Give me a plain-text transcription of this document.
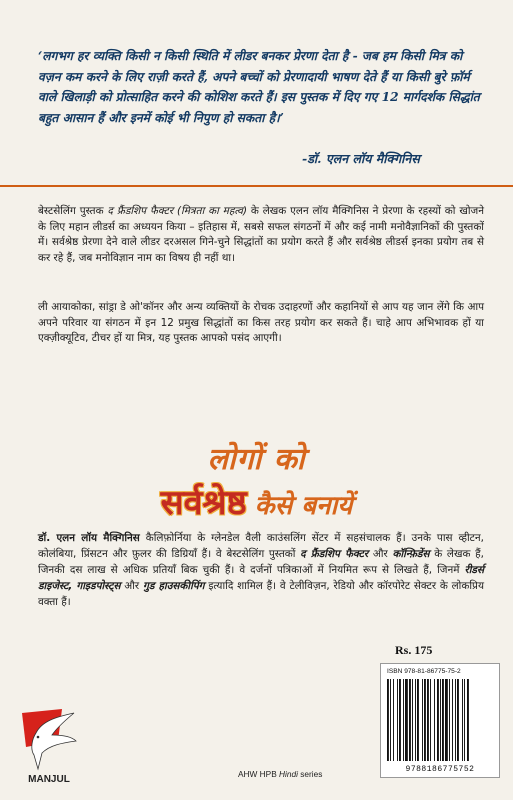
‘लगभग हर व्यक्ति किसी न किसी स्थिति में लीडर बनकर प्रेरणा देता है - जब हम किसी मित्र को वज़न कम करने के लिए राज़ी करते हैं, अपने बच्चों को प्रेरणादायी भाषण देते हैं या किसी बुरे फ़ॉर्म वाले खिलाड़ी को प्रोत्साहित करने की कोशिश करते हैं। इस पुस्तक में दिए गए 12 मार्गदर्शक सिद्धांत बहुत आसान हैं और इनमें कोई भी निपुण हो सकता है।’

-डॉ. एलन लॉय मैक्गिनिस

बेस्टसेलिंग पुस्तक द फ्रैंडशिप फैक्टर (मित्रता का महत्व) के लेखक एलन लॉय मैक्गिनिस ने प्रेरणा के रहस्यों को खोजने के लिए महान लीडर्स का अध्ययन किया – इतिहास में, सबसे सफल संगठनों में और कई नामी मनोवैज्ञानिकों की पुस्तकों में। सर्वश्रेष्ठ प्रेरणा देने वाले लीडर दरअसल गिने-चुने सिद्धांतों का प्रयोग करते हैं और सर्वश्रेष्ठ लीडर्स इनका प्रयोग तब से कर रहे हैं, जब मनोविज्ञान नाम का विषय ही नहीं था।

ली आयाकोका, सांड्रा डे ओ'कॉनर और अन्य व्यक्तियों के रोचक उदाहरणों और कहानियों से आप यह जान लेंगे कि आप अपने परिवार या संगठन में इन 12 प्रमुख सिद्धांतों का किस तरह प्रयोग कर सकते हैं। चाहे आप अभिभावक हों या एक्ज़ीक्यूटिव, टीचर हों या मित्र, यह पुस्तक आपको पसंद आएगी।

लोगों को
सर्वश्रेष्ठ कैसे बनायें

डॉ. एलन लॉय मैक्गिनिस कैलिफ़ोर्निया के ग्लेनडेल वैली काउंसलिंग सेंटर में सहसंचालक हैं। उनके पास व्हीटन, कोलंबिया, प्रिंसटन और फ़ुलर की डिग्रियाँ हैं। वे बेस्टसेलिंग पुस्तकों द फ्रैंडशिप फैक्टर और कॉन्फ़िडेंस के लेखक हैं, जिनकी दस लाख से अधिक प्रतियाँ बिक चुकी हैं। वे दर्जनों पत्रिकाओं में नियमित रूप से लिखते हैं, जिनमें रीडर्स डाइजेस्ट, गाइडपोस्ट्स और गुड हाउसकीपिंग इत्यादि शामिल हैं। वे टेलीविज़न, रेडियो और कॉरपोरेट सेक्टर के लोकप्रिय वक्ता हैं।

Rs. 175
ISBN 978-81-86775-75-2
9788186775752
AHW HPB Hindi series
MANJUL
